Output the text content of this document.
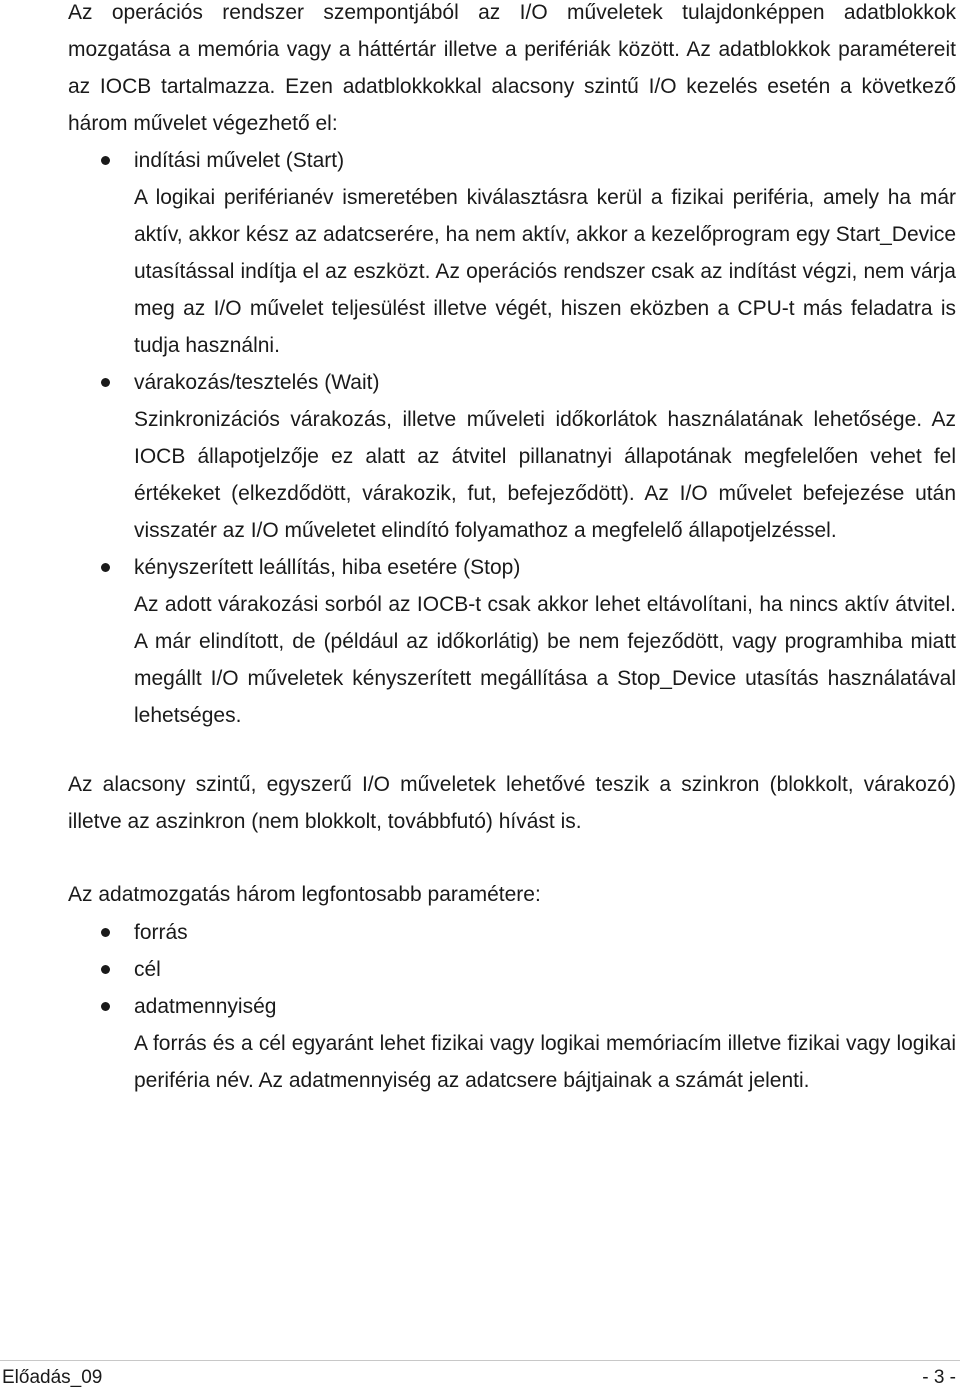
Az operációs rendszer szempontjából az I/O műveletek tulajdonképpen adatblokkok mozgatása a memória vagy a háttértár illetve a perifériák között. Az adatblokkok paramétereit az IOCB tartalmazza. Ezen adatblokkokkal alacsony szintű I/O kezelés esetén a következő három művelet végezhető el:

indítási művelet (Start)
A logikai periférianév ismeretében kiválasztásra kerül a fizikai periféria, amely ha már aktív, akkor kész az adatcserére, ha nem aktív, akkor a kezelőprogram egy Start_Device utasítással indítja el az eszközt. Az operációs rendszer csak az indítást végzi, nem várja meg az I/O művelet teljesülést illetve végét, hiszen eközben a CPU-t más feladatra is tudja használni.
várakozás/tesztelés (Wait)
Szinkronizációs várakozás, illetve műveleti időkorlátok használatának lehetősége. Az IOCB állapotjelzője ez alatt az átvitel pillanatnyi állapotának megfelelően vehet fel értékeket (elkezdődött, várakozik, fut, befejeződött). Az I/O művelet befejezése után visszatér az I/O műveletet elindító folyamathoz a megfelelő állapotjelzéssel.
kényszerített leállítás, hiba esetére (Stop)
Az adott várakozási sorból az IOCB-t csak akkor lehet eltávolítani, ha nincs aktív átvitel. A már elindított, de (például az időkorlátig) be nem fejeződött, vagy programhiba miatt megállt I/O műveletek kényszerített megállítása a Stop_Device utasítás használatával lehetséges.

Az alacsony szintű, egyszerű I/O műveletek lehetővé teszik a szinkron (blokkolt, várakozó) illetve az aszinkron (nem blokkolt, továbbfutó) hívást is.

Az adatmozgatás három legfontosabb paramétere:

forrás
cél
adatmennyiség
A forrás és a cél egyaránt lehet fizikai vagy logikai memóriacím illetve fizikai vagy logikai periféria név. Az adatmennyiség az adatcsere bájtjainak a számát jelenti.
Előadás_09	- 3 -
